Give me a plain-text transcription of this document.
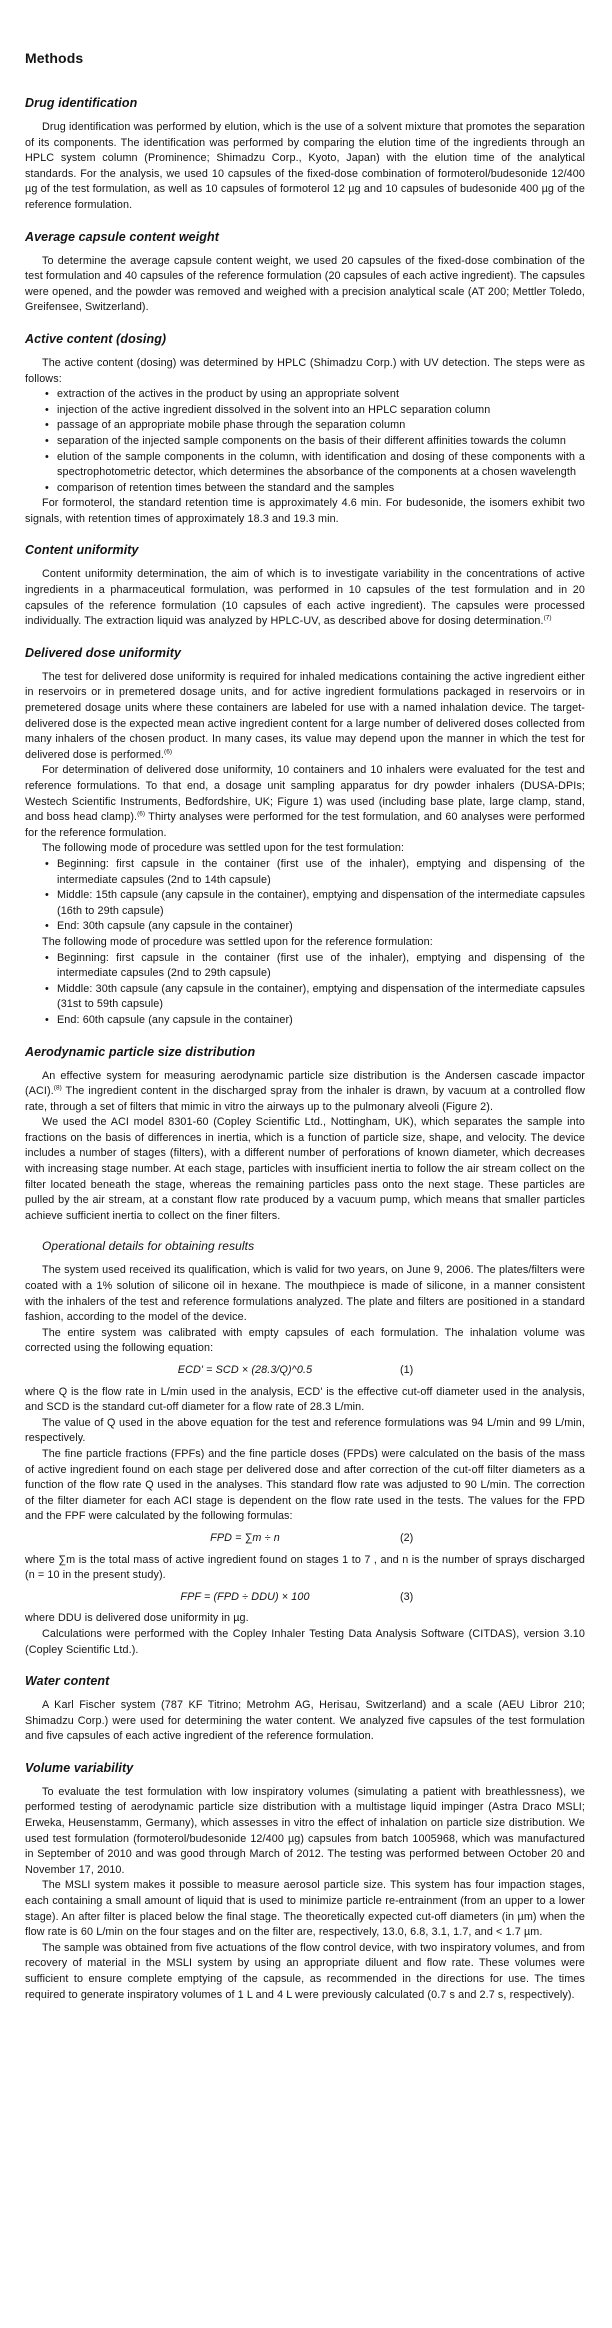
Methods
Drug identification

Drug identification was performed by elution, which is the use of a solvent mixture that promotes the separation of its components. The identification was performed by comparing the elution time of the ingredients through an HPLC system column (Prominence; Shimadzu Corp., Kyoto, Japan) with the elution time of the analytical standards. For the analysis, we used 10 capsules of the fixed-dose combination of formoterol/budesonide 12/400 µg of the test formulation, as well as 10 capsules of formoterol 12 µg and 10 capsules of budesonide 400 µg of the reference formulation.

Average capsule content weight

To determine the average capsule content weight, we used 20 capsules of the fixed-dose combination of the test formulation and 40 capsules of the reference formulation (20 capsules of each active ingredient). The capsules were opened, and the powder was removed and weighed with a precision analytical scale (AT 200; Mettler Toledo, Greifensee, Switzerland).

Active content (dosing)

The active content (dosing) was determined by HPLC (Shimadzu Corp.) with UV detection. The steps were as follows:

• extraction of the actives in the product by using an appropriate solvent
• injection of the active ingredient dissolved in the solvent into an HPLC separation column
• passage of an appropriate mobile phase through the separation column
• separation of the injected sample components on the basis of their different affinities towards the column
• elution of the sample components in the column, with identification and dosing of these components with a spectrophotometric detector, which determines the absorbance of the components at a chosen wavelength
• comparison of retention times between the standard and the samples

For formoterol, the standard retention time is approximately 4.6 min. For budesonide, the isomers exhibit two signals, with retention times of approximately 18.3 and 19.3 min.

Content uniformity

Content uniformity determination, the aim of which is to investigate variability in the concentrations of active ingredients in a pharmaceutical formulation, was performed in 10 capsules of the test formulation and in 20 capsules of the reference formulation (10 capsules of each active ingredient). The capsules were processed individually. The extraction liquid was analyzed by HPLC-UV, as described above for dosing determination.$^{(7)}$

Delivered dose uniformity

The test for delivered dose uniformity is required for inhaled medications containing the active ingredient either in reservoirs or in premetered dosage units, and for active ingredient formulations packaged in reservoirs or in premetered dosage units where these containers are labeled for use with a named inhalation device. The target-delivered dose is the expected mean active ingredient content for a large number of delivered doses collected from many inhalers of the chosen product. In many cases, its value may depend upon the manner in which the test for delivered dose is performed.$^{(6)}$

For determination of delivered dose uniformity, 10 containers and 10 inhalers were evaluated for the test and reference formulations. To that end, a dosage unit sampling apparatus for dry powder inhalers (DUSA-DPIs; Westech Scientific Instruments, Bedfordshire, UK; Figure 1) was used (including base plate, large clamp, stand, and boss head clamp).$^{(6)}$ Thirty analyses were performed for the test formulation, and 60 analyses were performed for the reference formulation.

The following mode of procedure was settled upon for the test formulation:

• Beginning: first capsule in the container (first use of the inhaler), emptying and dispensing of the intermediate capsules (2nd to 14th capsule)
• Middle: 15th capsule (any capsule in the container), emptying and dispensation of the intermediate capsules (16th to 29th capsule)
• End: 30th capsule (any capsule in the container)

The following mode of procedure was settled upon for the reference formulation:

• Beginning: first capsule in the container (first use of the inhaler), emptying and dispensing of the intermediate capsules (2nd to 29th capsule)
• Middle: 30th capsule (any capsule in the container), emptying and dispensation of the intermediate capsules (31st to 59th capsule)
• End: 60th capsule (any capsule in the container)
Aerodynamic particle size distribution

An effective system for measuring aerodynamic particle size distribution is the Andersen cascade impactor (ACI).$^{(8)}$ The ingredient content in the discharged spray from the inhaler is drawn, by vacuum at a controlled flow rate, through a set of filters that mimic in vitro the airways up to the pulmonary alveoli (Figure 2).

We used the ACI model 8301-60 (Copley Scientific Ltd., Nottingham, UK), which separates the sample into fractions on the basis of differences in inertia, which is a function of particle size, shape, and velocity. The device includes a number of stages (filters), with a different number of perforations of known diameter, which decreases with increasing stage number. At each stage, particles with insufficient inertia to follow the air stream collect on the filter located beneath the stage, whereas the remaining particles pass onto the next stage. These particles are pulled by the air stream, at a constant flow rate produced by a vacuum pump, which means that smaller particles achieve sufficient inertia to collect on the finer filters.

Operational details for obtaining results

The system used received its qualification, which is valid for two years, on June 9, 2006. The plates/filters were coated with a 1% solution of silicone oil in hexane. The mouthpiece is made of silicone, in a manner consistent with the inhalers of the test and reference formulations analyzed. The plate and filters are positioned in a standard fashion, according to the model of the device.

The entire system was calibrated with empty capsules of each formulation. The inhalation volume was corrected using the following equation:

ECD' = SCD × (28.3/Q)^0.5	(1)

where Q is the flow rate in L/min used in the analysis, ECD' is the effective cut-off diameter used in the analysis, and SCD is the standard cut-off diameter for a flow rate of 28.3 L/min.

The value of Q used in the above equation for the test and reference formulations was 94 L/min and 99 L/min, respectively.

The fine particle fractions (FPFs) and the fine particle doses (FPDs) were calculated on the basis of the mass of active ingredient found on each stage per delivered dose and after correction of the cut-off filter diameters as a function of the flow rate Q used in the analyses. This standard flow rate was adjusted to 90 L/min. The correction of the filter diameter for each ACI stage is dependent on the flow rate used in the tests. The values for the FPD and the FPF were calculated by the following formulas:

FPD = ∑m ÷ n	(2)

where ∑m is the total mass of active ingredient found on stages 1 to 7 , and n is the number of sprays discharged (n = 10 in the present study).

FPF = (FPD ÷ DDU) × 100	(3)

where DDU is delivered dose uniformity in µg.

Calculations were performed with the Copley Inhaler Testing Data Analysis Software (CITDAS), version 3.10 (Copley Scientific Ltd.).

Water content

A Karl Fischer system (787 KF Titrino; Metrohm AG, Herisau, Switzerland) and a scale (AEU Libror 210; Shimadzu Corp.) were used for determining the water content. We analyzed five capsules of the test formulation and five capsules of each active ingredient of the reference formulation.

Volume variability

To evaluate the test formulation with low inspiratory volumes (simulating a patient with breathlessness), we performed testing of aerodynamic particle size distribution with a multistage liquid impinger (Astra Draco MSLI; Erweka, Heusenstamm, Germany), which assesses in vitro the effect of inhalation on particle size distribution. We used test formulation (formoterol/budesonide 12/400 µg) capsules from batch 1005968, which was manufactured in September of 2010 and was good through March of 2012. The testing was performed between October 20 and November 17, 2010.

The MSLI system makes it possible to measure aerosol particle size. This system has four impaction stages, each containing a small amount of liquid that is used to minimize particle re-entrainment (from an upper to a lower stage). An after filter is placed below the final stage. The theoretically expected cut-off diameters (in µm) when the flow rate is 60 L/min on the four stages and on the filter are, respectively, 13.0, 6.8, 3.1, 1.7, and < 1.7 µm.

The sample was obtained from five actuations of the flow control device, with two inspiratory volumes, and from recovery of material in the MSLI system by using an appropriate diluent and flow rate. These volumes were sufficient to ensure complete emptying of the capsule, as recommended in the directions for use. The times required to generate inspiratory volumes of 1 L and 4 L were previously calculated (0.7 s and 2.7 s, respectively).
